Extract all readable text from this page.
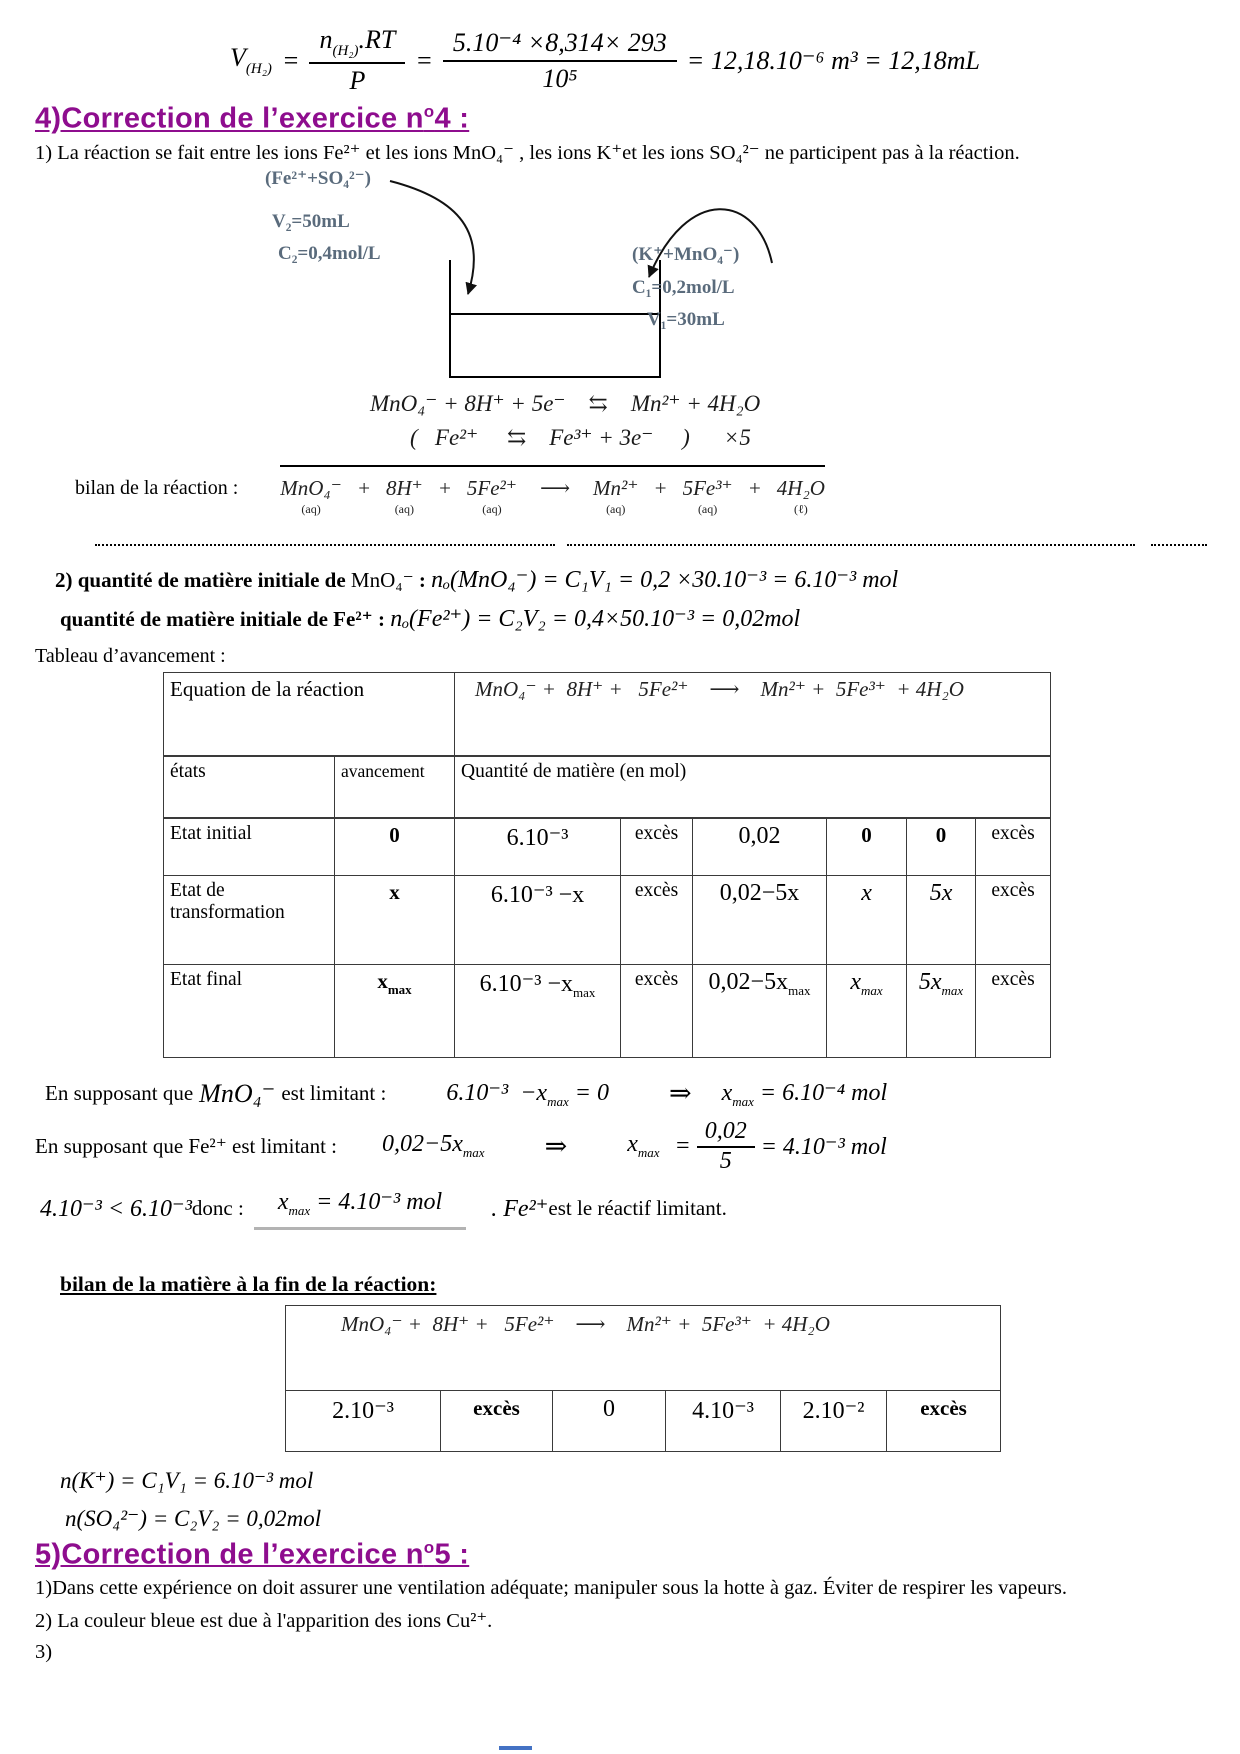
$V_{(H_2)} = \frac{n_{(H_2)}.RT}{P} = \frac{\text{5.10⁻⁴ ×8,314× 293}}{\text{10⁵}} = 12,18.10^{-6}$ m³ = 12,18mL
4)Correction de l’exercice $n^o4$ :

1) La réaction se fait entre les ions Fe²⁺ et les ions MnO₄⁻ , les ions K⁺et les ions SO₄²⁻ ne participent pas à la réaction.

(Fe²⁺+SO₄²⁻)
V₂=50mL
C₂=0,4mol/L	(K⁺+MnO₄⁻)
C₁=0,2mol/L
V₁=30mL
MnO₄⁻ + 8H⁺ + 5e⁻    ⇆    Mn²⁺ + 4H₂O
(   Fe²⁺     ⇆    Fe³⁺ + 3e⁻     ) ×5
bilan de la réaction : MnO₄⁻
(aq)
+ 8H⁺
(aq)
+ 5Fe²⁺
(aq)
⟶ Mn²⁺
(aq)
+ 5Fe³⁺
(aq)
+ 4H₂O
(ℓ)

2) quantité de matière initiale de MnO₄⁻ : nₒ(MnO₄⁻) = C₁V₁ = 0,2 ×30.10⁻³ = 6.10⁻³ mol

quantité de matière initiale de Fe²⁺ : nₒ(Fe²⁺) = C₂V₂ = 0,4×50.10⁻³ = 0,02mol

Tableau d’avancement :

Equation de la réaction		MnO₄⁻ +  8H⁺ +   5Fe²⁺    ⟶    Mn²⁺ +  5Fe³⁺  + 4H₂O					
états	avancement	Quantité de matière (en mol)					
Etat initial	0	6.10⁻³	excès	0,02	0	0	excès
Etat de transformation	x	6.10⁻³ −x	excès	0,02−5x	x	5x	excès
Etat final	$x_{max}$	$6.10^{-3} -x_{max}$	excès	$0,02-5x_{max}$	$x_{max}$	$5x_{max}$	excès
En supposant que MnO₄⁻ est limitant :	$6.10^{-3} -x_{max} = 0$ ⇒ $x_{max} = 6.10^{-4}$ mol
En supposant que Fe²⁺ est limitant : $0,02-5x_{max}$ ⇒	$x_{max} = \frac{0,02}{5} = 4.10^{-3}$ mol
4.10⁻³ < 6.10⁻³ donc :	$x_{max} = 4.10^{-3}$ mol	. Fe²⁺ est le réactif limitant.

bilan de la matière à la fin de la réaction:

MnO₄⁻ +  8H⁺ +   5Fe²⁺    ⟶    Mn²⁺ +  5Fe³⁺  + 4H₂O
2.10⁻³	excès	0	4.10⁻³	2.10⁻²	excès

n(K⁺) = C₁V₁ = 6.10⁻³ mol

n(SO₄²⁻) = C₂V₂ = 0,02mol

5)Correction de l’exercice $n^o5$ :

1)Dans cette expérience on doit assurer une ventilation adéquate; manipuler sous la hotte à gaz. Éviter de respirer les vapeurs.

2) La couleur bleue est due à l'apparition des ions Cu²⁺.

3)
